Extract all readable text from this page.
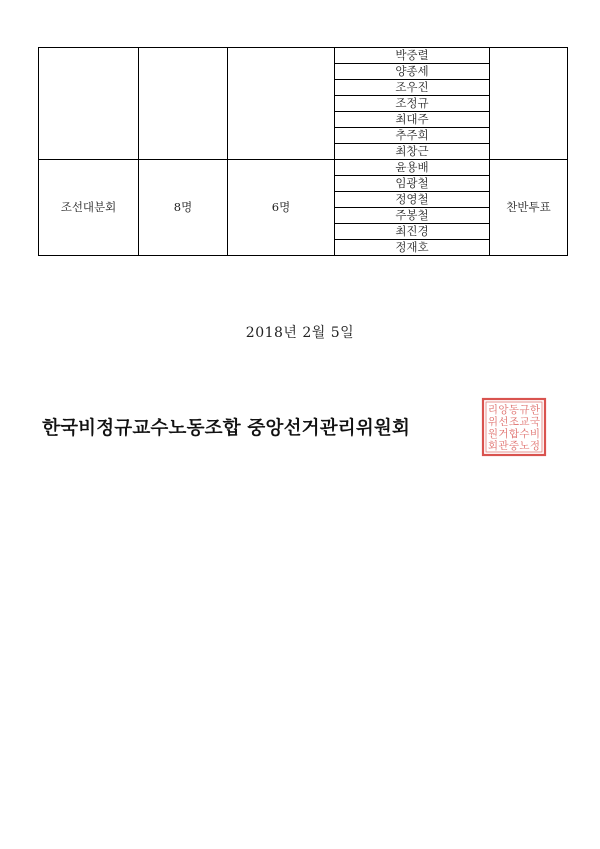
			박중렬	
			양종세	
			조우진	
			조정규	
			최대주	
			추주희	
			최창근	
조선대분회	8명	6명	윤용배	찬반투표
			임광철	
			정영철	
			주봉철	
			최진경	
			정재호	
2018년 2월 5일
한국비정규교수노동조합 중앙선거관리위원회
한
국
비
정
규
교
수
노
동
조
합
중
앙
선
거
관
리
위
원
회
